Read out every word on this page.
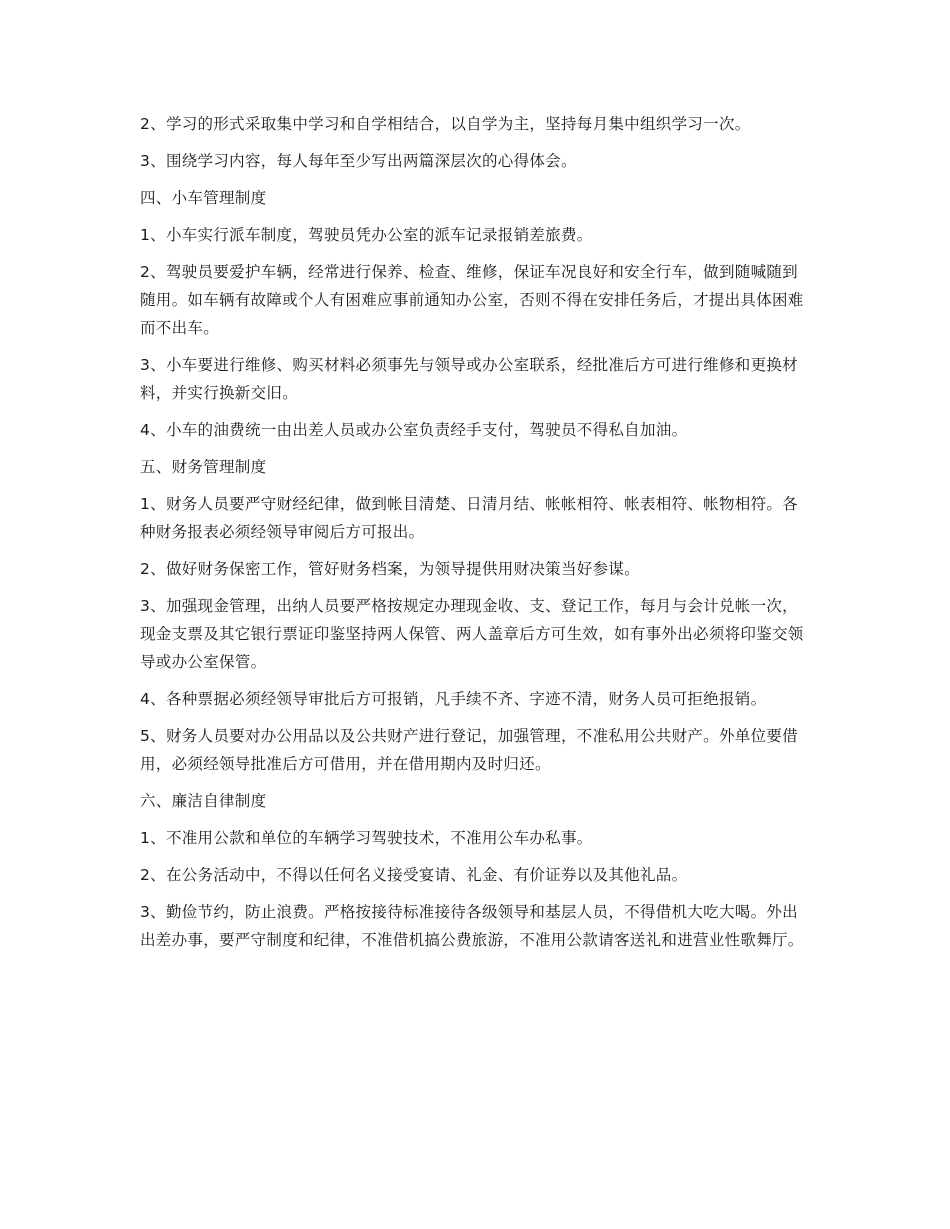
2、学习的形式采取集中学习和自学相结合，以自学为主，坚持每月集中组织学习一次。

3、围绕学习内容，每人每年至少写出两篇深层次的心得体会。

四、小车管理制度

1、小车实行派车制度，驾驶员凭办公室的派车记录报销差旅费。

2、驾驶员要爱护车辆，经常进行保养、检查、维修，保证车况良好和安全行车，做到随喊随到随用。如车辆有故障或个人有困难应事前通知办公室，否则不得在安排任务后，才提出具体困难而不出车。

3、小车要进行维修、购买材料必须事先与领导或办公室联系，经批准后方可进行维修和更换材料，并实行换新交旧。

4、小车的油费统一由出差人员或办公室负责经手支付，驾驶员不得私自加油。

五、财务管理制度

1、财务人员要严守财经纪律，做到帐目清楚、日清月结、帐帐相符、帐表相符、帐物相符。各种财务报表必须经领导审阅后方可报出。

2、做好财务保密工作，管好财务档案，为领导提供用财决策当好参谋。

3、加强现金管理，出纳人员要严格按规定办理现金收、支、登记工作，每月与会计兑帐一次，现金支票及其它银行票证印鉴坚持两人保管、两人盖章后方可生效，如有事外出必须将印鉴交领导或办公室保管。

4、各种票据必须经领导审批后方可报销，凡手续不齐、字迹不清，财务人员可拒绝报销。

5、财务人员要对办公用品以及公共财产进行登记，加强管理，不准私用公共财产。外单位要借用，必须经领导批准后方可借用，并在借用期内及时归还。

六、廉洁自律制度

1、不准用公款和单位的车辆学习驾驶技术，不准用公车办私事。

2、在公务活动中，不得以任何名义接受宴请、礼金、有价证券以及其他礼品。

3、勤俭节约，防止浪费。严格按接待标准接待各级领导和基层人员，不得借机大吃大喝。外出出差办事，要严守制度和纪律，不准借机搞公费旅游，不准用公款请客送礼和进营业性歌舞厅。
